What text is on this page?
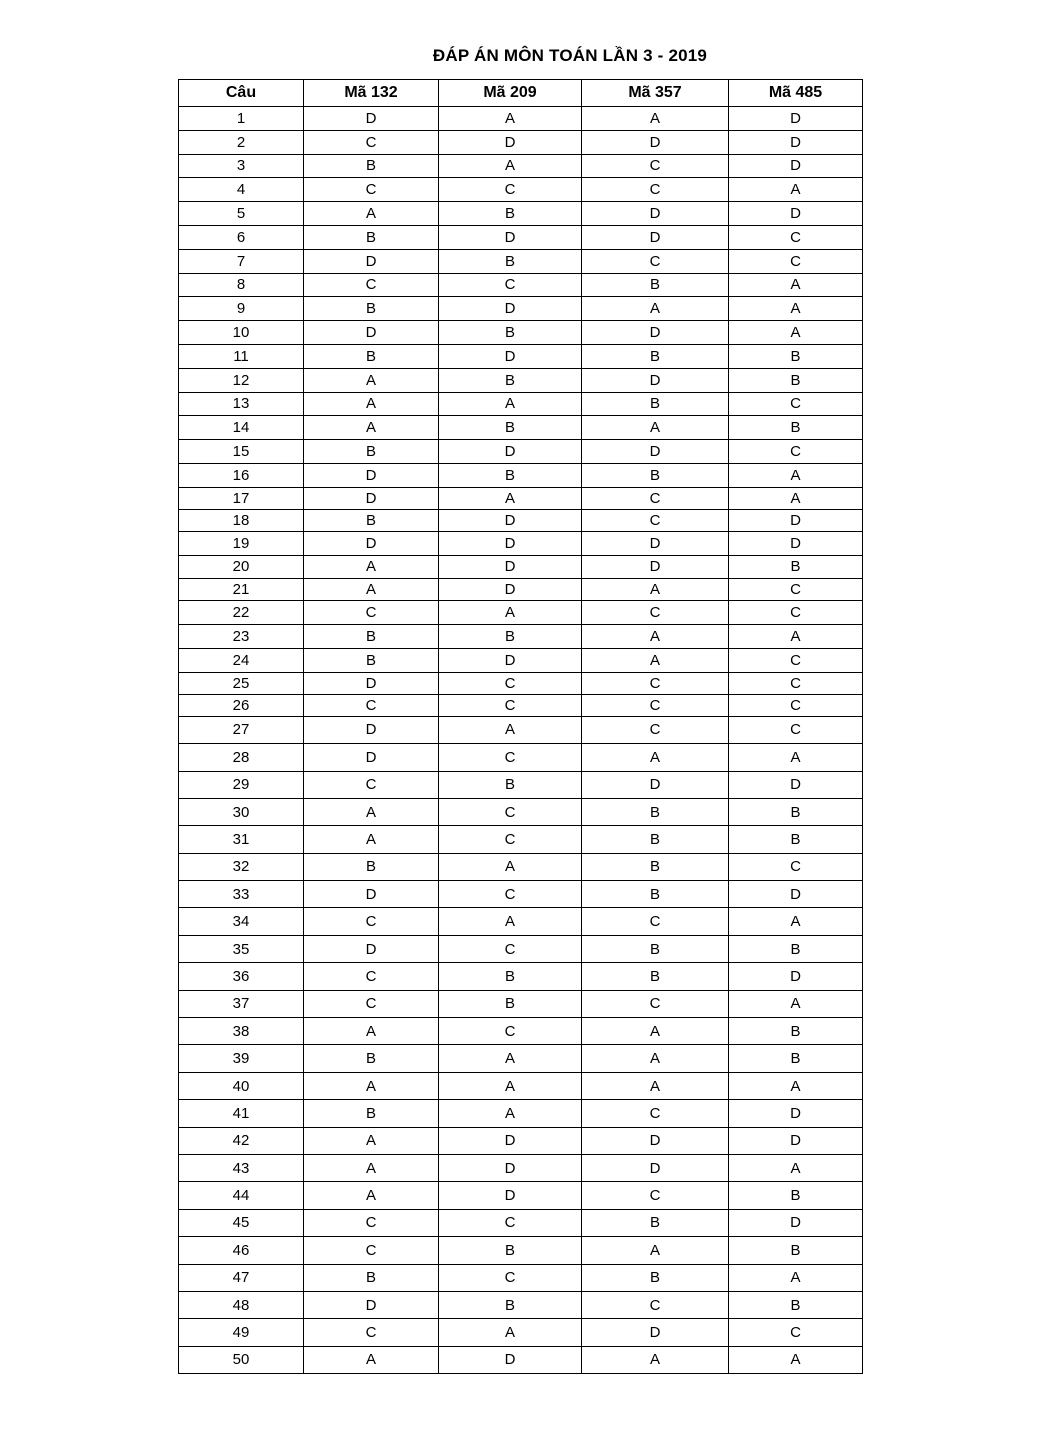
ĐÁP ÁN MÔN TOÁN LẦN 3 - 2019
Câu	Mã 132	Mã 209	Mã 357	Mã 485
1	D	A	A	D
2	C	D	D	D
3	B	A	C	D
4	C	C	C	A
5	A	B	D	D
6	B	D	D	C
7	D	B	C	C
8	C	C	B	A
9	B	D	A	A
10	D	B	D	A
11	B	D	B	B
12	A	B	D	B
13	A	A	B	C
14	A	B	A	B
15	B	D	D	C
16	D	B	B	A
17	D	A	C	A
18	B	D	C	D
19	D	D	D	D
20	A	D	D	B
21	A	D	A	C
22	C	A	C	C
23	B	B	A	A
24	B	D	A	C
25	D	C	C	C
26	C	C	C	C
27	D	A	C	C
28	D	C	A	A
29	C	B	D	D
30	A	C	B	B
31	A	C	B	B
32	B	A	B	C
33	D	C	B	D
34	C	A	C	A
35	D	C	B	B
36	C	B	B	D
37	C	B	C	A
38	A	C	A	B
39	B	A	A	B
40	A	A	A	A
41	B	A	C	D
42	A	D	D	D
43	A	D	D	A
44	A	D	C	B
45	C	C	B	D
46	C	B	A	B
47	B	C	B	A
48	D	B	C	B
49	C	A	D	C
50	A	D	A	A
